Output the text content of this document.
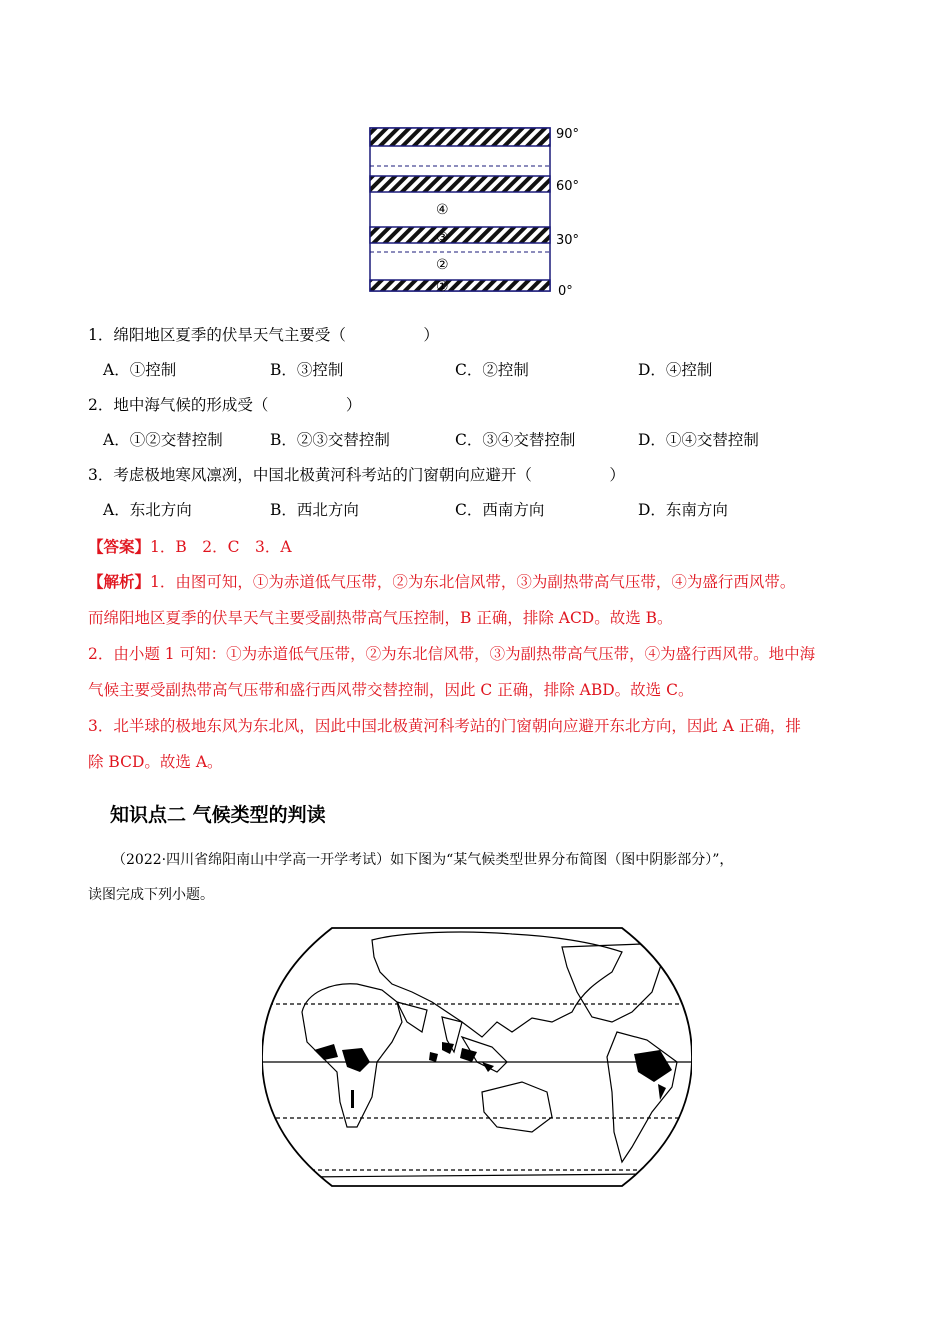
90°
60°
30°
0°
④
③
②
①
1．绵阳地区夏季的伏旱天气主要受（　　　　　）
A．①控制	B．③控制	C．②控制	D．④控制
2．地中海气候的形成受（　　　　　）
A．①②交替控制	B．②③交替控制	C．③④交替控制	D．①④交替控制
3．考虑极地寒风凛冽，中国北极黄河科考站的门窗朝向应避开（　　　　　）
A．东北方向	B．西北方向	C．西南方向	D．东南方向
【答案】1．B　2．C　3．A
【解析】1．由图可知，①为赤道低气压带，②为东北信风带，③为副热带高气压带，④为盛行西风带。
而绵阳地区夏季的伏旱天气主要受副热带高气压控制，B 正确，排除 ACD。故选 B。
2．由小题 1 可知：①为赤道低气压带，②为东北信风带，③为副热带高气压带，④为盛行西风带。地中海
气候主要受副热带高气压带和盛行西风带交替控制，因此 C 正确，排除 ABD。故选 C。
3．北半球的极地东风为东北风，因此中国北极黄河科考站的门窗朝向应避开东北方向，因此 A 正确，排
除 BCD。故选 A。
知识点二 气候类型的判读
（2022·四川省绵阳南山中学高一开学考试）如下图为“某气候类型世界分布简图（图中阴影部分）”，
读图完成下列小题。
